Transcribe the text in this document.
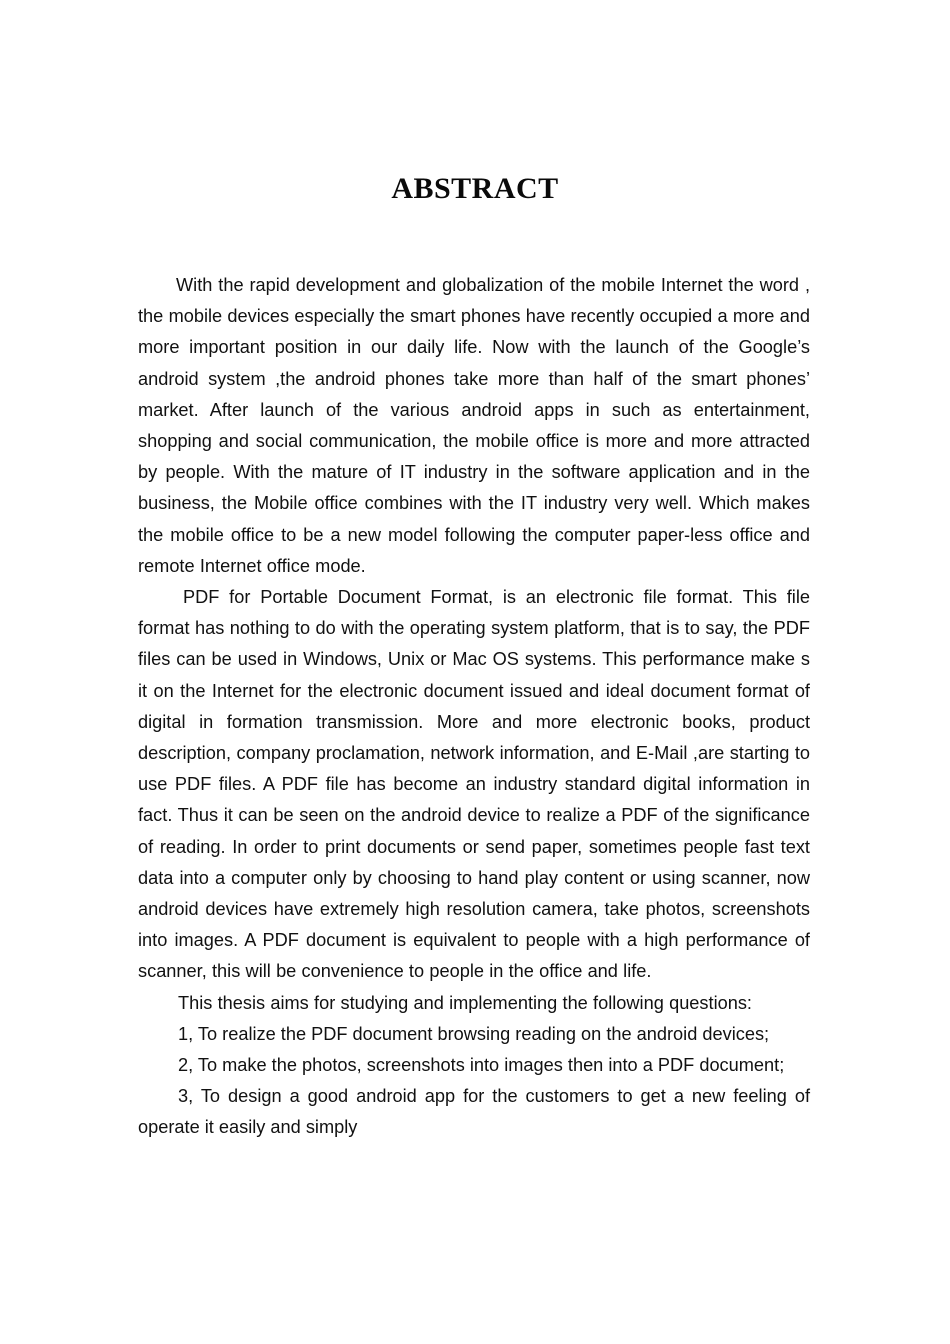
ABSTRACT

With the rapid development and globalization of the mobile Internet the word , the mobile devices especially the smart phones have recently occupied a more and more important position in our daily life. Now with the launch of the Google’s android system ,the android phones take more than half of the smart phones’ market. After launch of the various android apps in such as entertainment, shopping and social communication, the mobile office is more and more attracted by people. With the mature of IT industry in the software application and in the business, the Mobile office combines with the IT industry very well. Which makes the mobile office to be a new model following the computer paper-less office and remote Internet office mode.

PDF for Portable Document Format, is an electronic file format. This file format has nothing to do with the operating system platform, that is to say, the PDF files can be used in Windows, Unix or Mac OS systems. This performance make s it on the Internet for the electronic document issued and ideal document format of digital in formation transmission. More and more electronic books, product description, company proclamation, network information, and E-Mail ,are starting to use PDF files. A PDF file has become an industry standard digital information in fact. Thus it can be seen on the android device to realize a PDF of the significance of reading. In order to print documents or send paper, sometimes people fast text data into a computer only by choosing to hand play content or using scanner, now android devices have extremely high resolution camera, take photos, screenshots into images. A PDF document is equivalent to people with a high performance of scanner, this will be convenience to people in the office and life.

This thesis aims for studying and implementing the following questions:

1, To realize the PDF document browsing reading on the android devices;

2, To make the photos, screenshots into images then into a PDF document;

3, To design a good android app for the customers to get a new feeling of operate it easily and simply
